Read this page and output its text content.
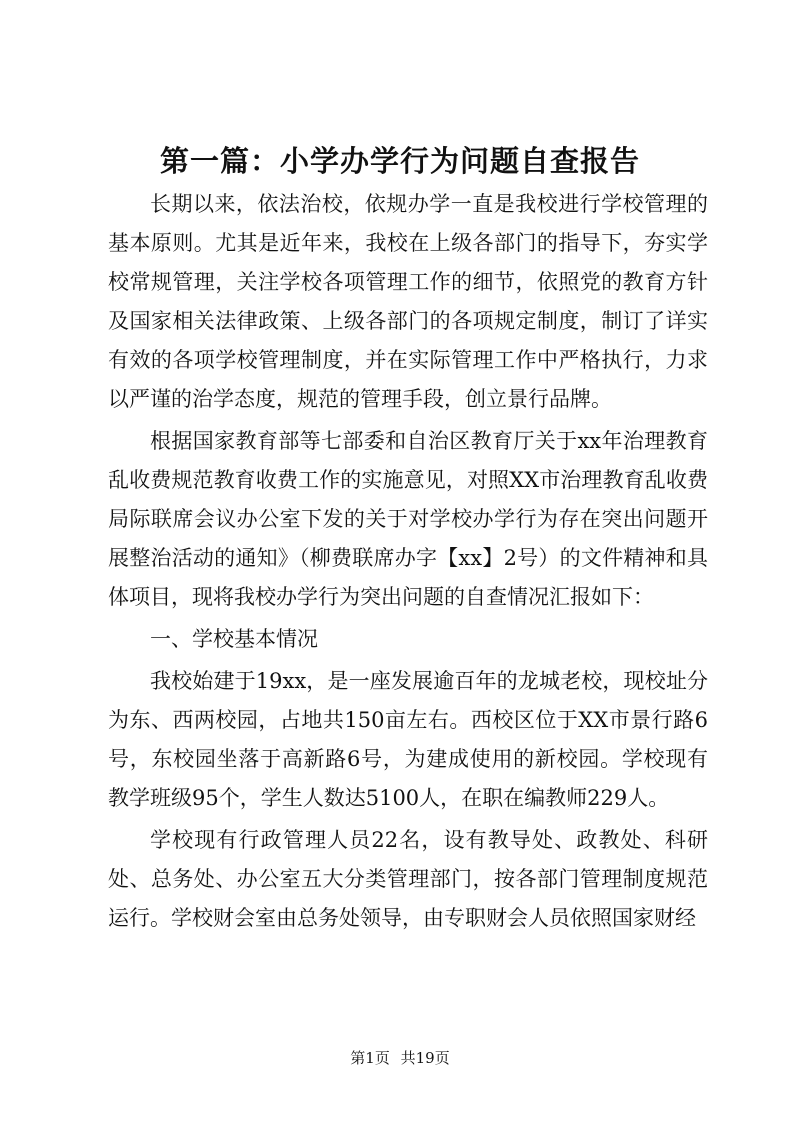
第一篇：小学办学行为问题自查报告

长期以来，依法治校，依规办学一直是我校进行学校管理的基本原则。尤其是近年来，我校在上级各部门的指导下，夯实学校常规管理，关注学校各项管理工作的细节，依照党的教育方针及国家相关法律政策、上级各部门的各项规定制度，制订了详实有效的各项学校管理制度，并在实际管理工作中严格执行，力求以严谨的治学态度，规范的管理手段，创立景行品牌。

根据国家教育部等七部委和自治区教育厅关于xx年治理教育乱收费规范教育收费工作的实施意见，对照XX市治理教育乱收费局际联席会议办公室下发的关于对学校办学行为存在突出问题开展整治活动的通知》（柳费联席办字【xx】2号）的文件精神和具体项目，现将我校办学行为突出问题的自查情况汇报如下：

一、学校基本情况

我校始建于19xx，是一座发展逾百年的龙城老校，现校址分为东、西两校园，占地共150亩左右。西校区位于XX市景行路6号，东校园坐落于高新路6号，为建成使用的新校园。学校现有教学班级95个，学生人数达5100人，在职在编教师229人。

学校现有行政管理人员22名，设有教导处、政教处、科研处、总务处、办公室五大分类管理部门，按各部门管理制度规范运行。学校财会室由总务处领导，由专职财会人员依照国家财经

第1页 共19页
